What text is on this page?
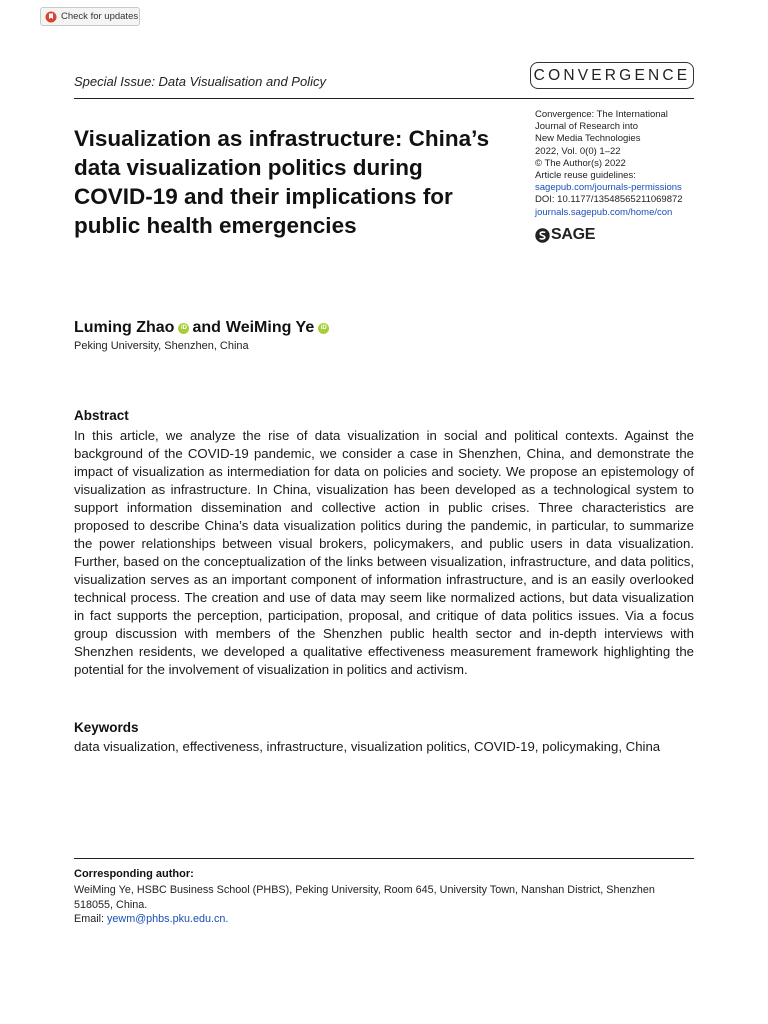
Check for updates
Special Issue: Data Visualisation and Policy	CONVERGENCE
Visualization as infrastructure: China’s data visualization politics during COVID-19 and their implications for public health emergencies
Convergence: The International
Journal of Research into
New Media Technologies
2022, Vol. 0(0) 1–22
© The Author(s) 2022
Article reuse guidelines:
sagepub.com/journals-permissions
DOI: 10.1177/13548565211069872
journals.sagepub.com/home/con
SAGE
Luming Zhao	iD and WeiMing Ye	iD
Peking University, Shenzhen, China
Abstract

In this article, we analyze the rise of data visualization in social and political contexts. Against the background of the COVID-19 pandemic, we consider a case in Shenzhen, China, and demonstrate the impact of visualization as intermediation for data on policies and society. We propose an epistemology of visualization as infrastructure. In China, visualization has been developed as a technological system to support information dissemination and collective action in public crises. Three characteristics are proposed to describe China’s data visualization politics during the pandemic, in particular, to summarize the power relationships between visual brokers, policymakers, and public users in data visualization. Further, based on the conceptualization of the links between visualization, infrastructure, and data politics, visualization serves as an important component of information infrastructure, and is an easily overlooked technical process. The creation and use of data may seem like normalized actions, but data visualization in fact supports the perception, participation, proposal, and critique of data politics issues. Via a focus group discussion with members of the Shenzhen public health sector and in-depth interviews with Shenzhen residents, we developed a qualitative effectiveness measurement framework highlighting the potential for the involvement of visualization in politics and activism.

Keywords

data visualization, effectiveness, infrastructure, visualization politics, COVID-19, policymaking, China

Corresponding author:

WeiMing Ye, HSBC Business School (PHBS), Peking University, Room 645, University Town, Nanshan District, Shenzhen 518055, China.

Email: yewm@phbs.pku.edu.cn.
